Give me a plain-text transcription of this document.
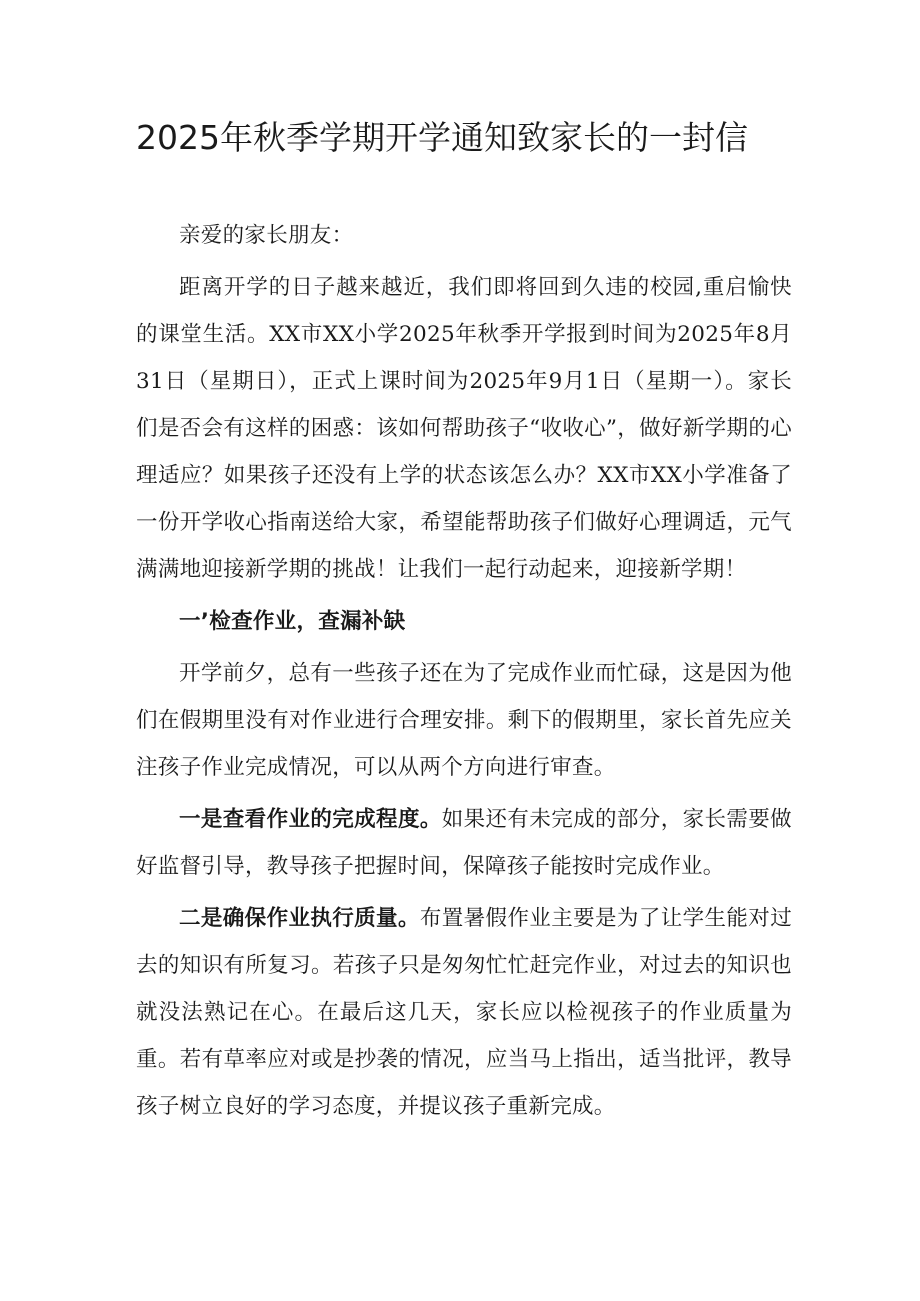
2025年秋季学期开学通知致家长的一封信

亲爱的家长朋友：

距离开学的日子越来越近，我们即将回到久违的校园,重启愉快的课堂生活。XX市XX小学2025年秋季开学报到时间为2025年8月31日（星期日），正式上课时间为2025年9月1日（星期一）。家长们是否会有这样的困惑：该如何帮助孩子“收收心”，做好新学期的心理适应？如果孩子还没有上学的状态该怎么办？XX市XX小学准备了一份开学收心指南送给大家，希望能帮助孩子们做好心理调适，元气满满地迎接新学期的挑战！让我们一起行动起来，迎接新学期！

一’检查作业，查漏补缺

开学前夕，总有一些孩子还在为了完成作业而忙碌，这是因为他们在假期里没有对作业进行合理安排。剩下的假期里，家长首先应关注孩子作业完成情况，可以从两个方向进行审查。

一是查看作业的完成程度。如果还有未完成的部分，家长需要做好监督引导，教导孩子把握时间，保障孩子能按时完成作业。

二是确保作业执行质量。布置暑假作业主要是为了让学生能对过去的知识有所复习。若孩子只是匆匆忙忙赶完作业，对过去的知识也就没法熟记在心。在最后这几天，家长应以检视孩子的作业质量为重。若有草率应对或是抄袭的情况，应当马上指出，适当批评，教导孩子树立良好的学习态度，并提议孩子重新完成。
